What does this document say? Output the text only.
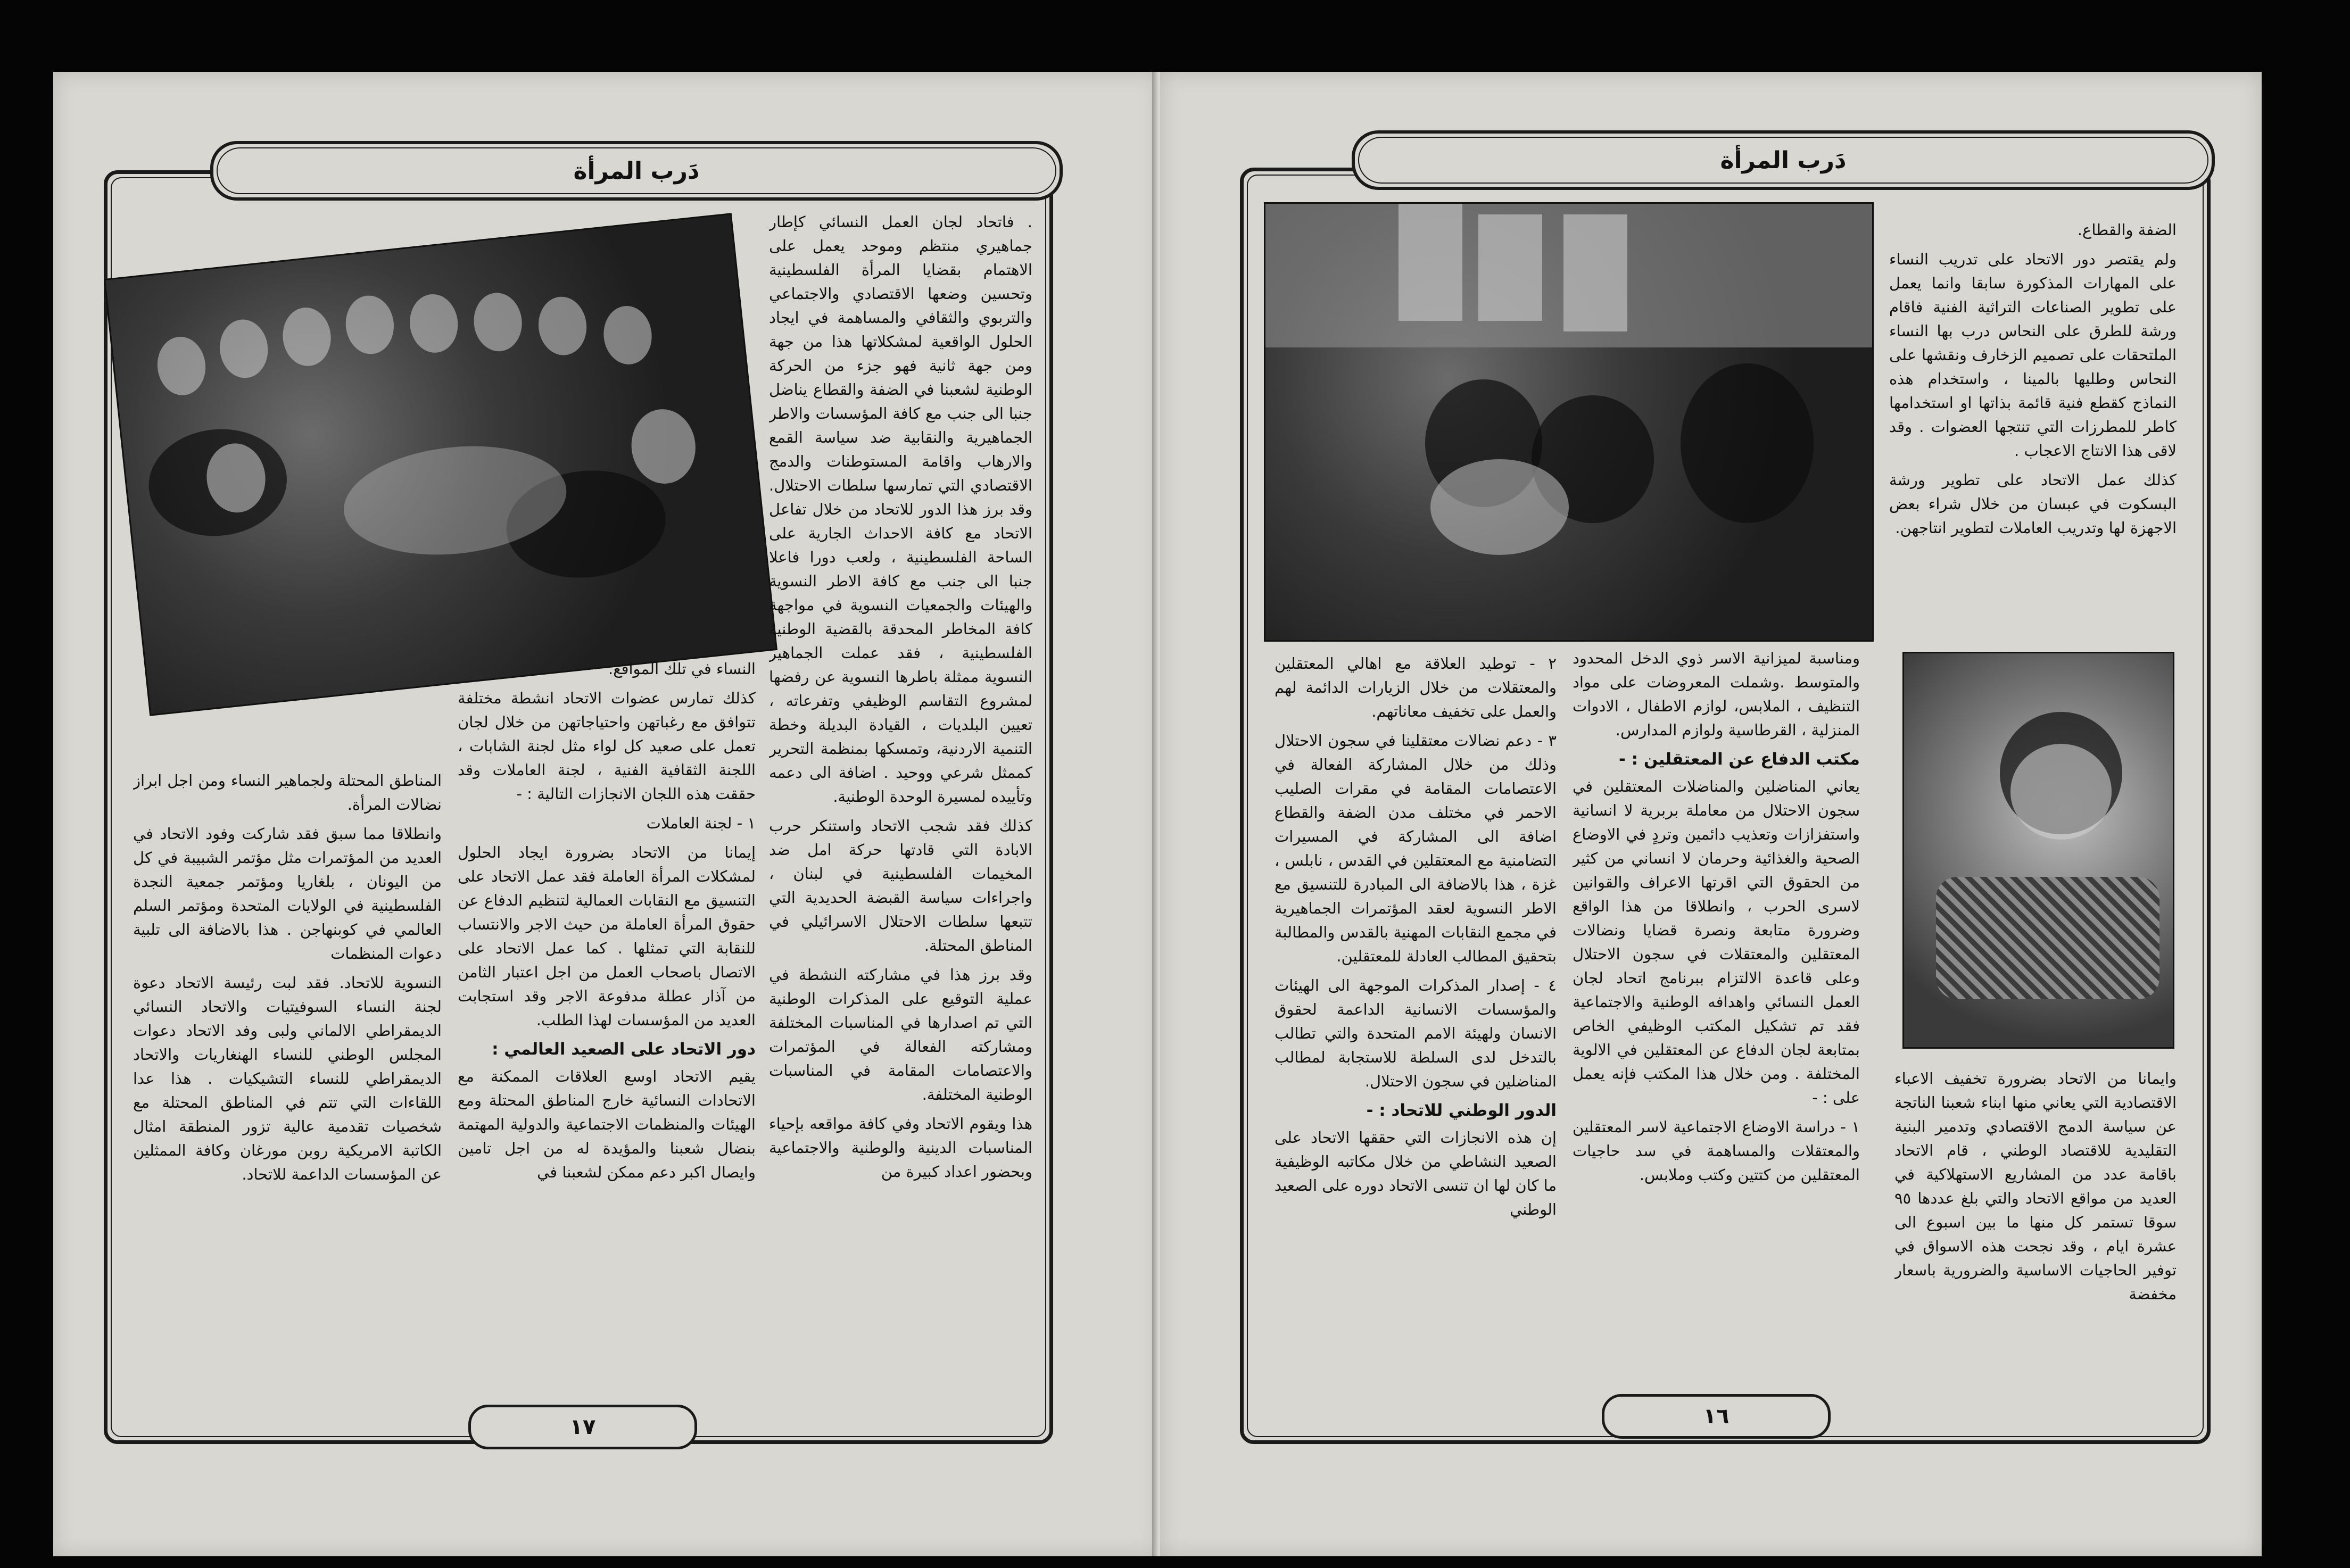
دَرب المرأة

. فاتحاد لجان العمل النسائي كإطار جماهيري منتظم وموحد يعمل على الاهتمام بقضايا المرأة الفلسطينية وتحسين وضعها الاقتصادي والاجتماعي والتربوي والثقافي والمساهمة في ايجاد الحلول الواقعية لمشكلاتها هذا من جهة ومن جهة ثانية فهو جزء من الحركة الوطنية لشعبنا في الضفة والقطاع يناضل جنبا الى جنب مع كافة المؤسسات والاطر الجماهيرية والنقابية ضد سياسة القمع والارهاب واقامة المستوطنات والدمج الاقتصادي التي تمارسها سلطات الاحتلال. وقد برز هذا الدور للاتحاد من خلال تفاعل الاتحاد مع كافة الاحداث الجارية على الساحة الفلسطينية ، ولعب دورا فاعلا جنبا الى جنب مع كافة الاطر النسوية والهيئات والجمعيات النسوية في مواجهة كافة المخاطر المحدقة بالقضية الوطنية الفلسطينية ، فقد عملت الجماهير النسوية ممثلة باطرها النسوية عن رفضها لمشروع التقاسم الوظيفي وتفرعاته ، تعيين البلديات ، القيادة البديلة وخطة التنمية الاردنية، وتمسكها بمنظمة التحرير كممثل شرعي ووحيد . اضافة الى دعمه وتأييده لمسيرة الوحدة الوطنية.

كذلك فقد شجب الاتحاد واستنكر حرب الابادة التي قادتها حركة امل ضد المخيمات الفلسطينية في لبنان ، واجراءات سياسة القبضة الحديدية التي تتبعها سلطات الاحتلال الاسرائيلي في المناطق المحتلة.

وقد برز هذا في مشاركته النشطة في عملية التوقيع على المذكرات الوطنية التي تم اصدارها في المناسبات المختلفة ومشاركته الفعالة في المؤتمرات والاعتصامات المقامة في المناسبات الوطنية المختلفة.

هذا ويقوم الاتحاد وفي كافة مواقعه بإحياء المناسبات الدينية والوطنية والاجتماعية وبحضور اعداد كبيرة من

النساء في تلك المواقع.

كذلك تمارس عضوات الاتحاد انشطة مختلفة تتوافق مع رغباتهن واحتياجاتهن من خلال لجان تعمل على صعيد كل لواء مثل لجنة الشابات ، اللجنة الثقافية الفنية ، لجنة العاملات وقد حققت هذه اللجان الانجازات التالية : -

١ - لجنة العاملات

إيمانا من الاتحاد بضرورة ايجاد الحلول لمشكلات المرأة العاملة فقد عمل الاتحاد على التنسيق مع النقابات العمالية لتنظيم الدفاع عن حقوق المرأة العاملة من حيث الاجر والانتساب للنقابة التي تمثلها . كما عمل الاتحاد على الاتصال باصحاب العمل من اجل اعتبار الثامن من آذار عطلة مدفوعة الاجر وقد استجابت العديد من المؤسسات لهذا الطلب.

دور الاتحاد على الصعيد العالمي :

يقيم الاتحاد اوسع العلاقات الممكنة مع الاتحادات النسائية خارج المناطق المحتلة ومع الهيئات والمنظمات الاجتماعية والدولية المهتمة بنضال شعبنا والمؤيدة له من اجل تامين وايصال اكبر دعم ممكن لشعبنا في

المناطق المحتلة ولجماهير النساء ومن اجل ابراز نضالات المرأة.

وانطلاقا مما سبق فقد شاركت وفود الاتحاد في العديد من المؤتمرات مثل مؤتمر الشبيبة في كل من اليونان ، بلغاريا ومؤتمر جمعية النجدة الفلسطينية في الولايات المتحدة ومؤتمر السلم العالمي في كوبنهاجن . هذا بالاضافة الى تلبية دعوات المنظمات

النسوية للاتحاد. فقد لبت رئيسة الاتحاد دعوة لجنة النساء السوفيتيات والاتحاد النسائي الديمقراطي الالماني ولبى وفد الاتحاد دعوات المجلس الوطني للنساء الهنغاريات والاتحاد الديمقراطي للنساء التشيكيات . هذا عدا اللقاءات التي تتم في المناطق المحتلة مع شخصيات تقدمية عالية تزور المنطقة امثال الكاتبة الامريكية روبن مورغان وكافة الممثلين عن المؤسسات الداعمة للاتحاد.

١٧
دَرب المرأة

الضفة والقطاع.

ولم يقتصر دور الاتحاد على تدريب النساء على المهارات المذكورة سابقا وانما يعمل على تطوير الصناعات التراثية الفنية فاقام ورشة للطرق على النحاس درب بها النساء الملتحقات على تصميم الزخارف ونقشها على النحاس وطليها بالمينا ، واستخدام هذه النماذج كقطع فنية قائمة بذاتها او استخدامها كاطر للمطرزات التي تنتجها العضوات . وقد لاقى هذا الانتاج الاعجاب .

كذلك عمل الاتحاد على تطوير ورشة البسكوت في عبسان من خلال شراء بعض الاجهزة لها وتدريب العاملات لتطوير انتاجهن.

وايمانا من الاتحاد بضرورة تخفيف الاعباء الاقتصادية التي يعاني منها ابناء شعبنا الناتجة عن سياسة الدمج الاقتصادي وتدمير البنية التقليدية للاقتصاد الوطني ، قام الاتحاد باقامة عدد من المشاريع الاستهلاكية في العديد من مواقع الاتحاد والتي بلغ عددها ٩٥ سوقا تستمر كل منها ما بين اسبوع الى عشرة ايام ، وقد نجحت هذه الاسواق في توفير الحاجيات الاساسية والضرورية باسعار مخفضة

ومناسبة لميزانية الاسر ذوي الدخل المحدود والمتوسط .وشملت المعروضات على مواد التنظيف ، الملابس، لوازم الاطفال ، الادوات المنزلية ، القرطاسية ولوازم المدارس.

مكتب الدفاع عن المعتقلين : -

يعاني المناضلين والمناضلات المعتقلين في سجون الاحتلال من معاملة بربرية لا انسانية واستفزازات وتعذيب دائمين وتردٍ في الاوضاع الصحية والغذائية وحرمان لا انساني من كثير من الحقوق التي اقرتها الاعراف والقوانين لاسرى الحرب ، وانطلاقا من هذا الواقع وضرورة متابعة ونصرة قضايا ونضالات المعتقلين والمعتقلات في سجون الاحتلال وعلى قاعدة الالتزام ببرنامج اتحاد لجان العمل النسائي واهدافه الوطنية والاجتماعية فقد تم تشكيل المكتب الوظيفي الخاص بمتابعة لجان الدفاع عن المعتقلين في الالوية المختلفة . ومن خلال هذا المكتب فإنه يعمل على : -

١ - دراسة الاوضاع الاجتماعية لاسر المعتقلين والمعتقلات والمساهمة في سد حاجيات المعتقلين من كتتين وكتب وملابس.

٢ - توطيد العلاقة مع اهالي المعتقلين والمعتقلات من خلال الزيارات الدائمة لهم والعمل على تخفيف معاناتهم.

٣ - دعم نضالات معتقلينا في سجون الاحتلال وذلك من خلال المشاركة الفعالة في الاعتصامات المقامة في مقرات الصليب الاحمر في مختلف مدن الضفة والقطاع اضافة الى المشاركة في المسيرات التضامنية مع المعتقلين في القدس ، نابلس ، غزة ، هذا بالاضافة الى المبادرة للتنسيق مع الاطر النسوية لعقد المؤتمرات الجماهيرية في مجمع النقابات المهنية بالقدس والمطالبة بتحقيق المطالب العادلة للمعتقلين.

٤ - إصدار المذكرات الموجهة الى الهيئات والمؤسسات الانسانية الداعمة لحقوق الانسان ولهيئة الامم المتحدة والتي تطالب بالتدخل لدى السلطة للاستجابة لمطالب المناضلين في سجون الاحتلال.

الدور الوطني للاتحاد : -

إن هذه الانجازات التي حققها الاتحاد على الصعيد النشاطي من خلال مكاتبه الوظيفية ما كان لها ان تنسى الاتحاد دوره على الصعيد الوطني

١٦
